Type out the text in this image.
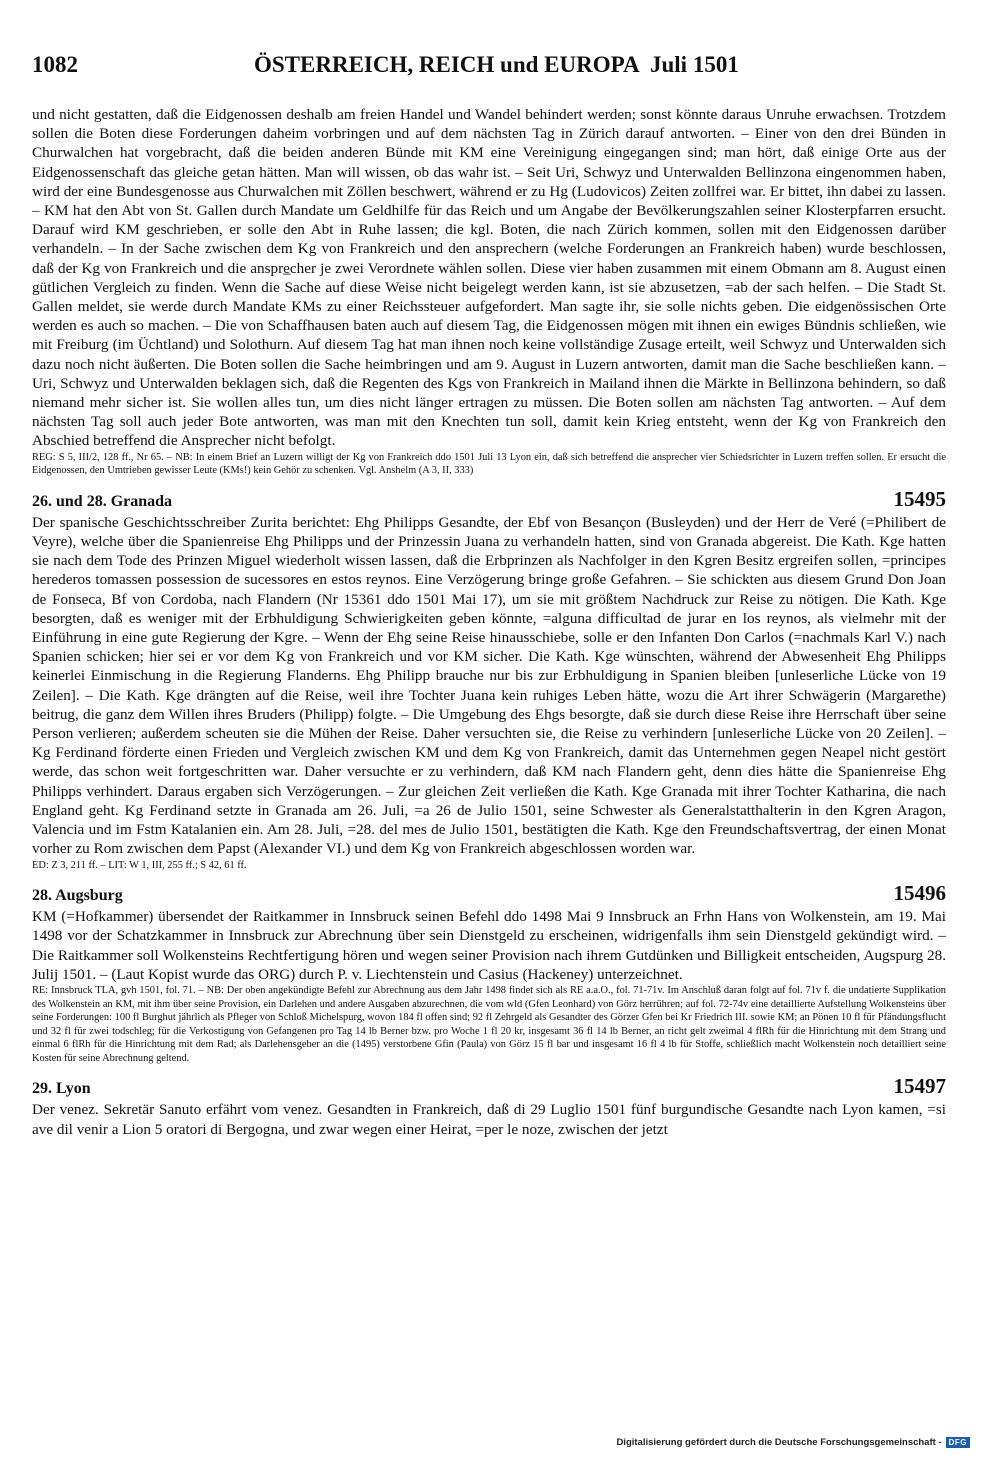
1082	ÖSTERREICH, REICH und EUROPA Juli 1501

und nicht gestatten, daß die Eidgenossen deshalb am freien Handel und Wandel behindert werden; sonst könnte daraus Unruhe erwachsen. Trotzdem sollen die Boten diese Forderungen daheim vorbringen und auf dem nächsten Tag in Zürich darauf antworten. – Einer von den drei Bünden in Churwalchen hat vorgebracht, daß die beiden anderen Bünde mit KM eine Vereinigung eingegangen sind; man hört, daß einige Orte aus der Eidgenossenschaft das gleiche getan hätten. Man will wissen, ob das wahr ist. – Seit Uri, Schwyz und Unterwalden Bellinzona eingenommen haben, wird der eine Bundesgenosse aus Churwalchen mit Zöllen beschwert, während er zu Hg (Ludovicos) Zeiten zollfrei war. Er bittet, ihn dabei zu lassen. – KM hat den Abt von St. Gallen durch Mandate um Geldhilfe für das Reich und um Angabe der Bevölkerungszahlen seiner Klosterpfarren ersucht. Darauf wird KM geschrieben, er solle den Abt in Ruhe lassen; die kgl. Boten, die nach Zürich kommen, sollen mit den Eidgenossen darüber verhandeln. – In der Sache zwischen dem Kg von Frankreich und den ansprechern (welche Forderungen an Frankreich haben) wurde beschlossen, daß der Kg von Frankreich und die anspre̲cher je zwei Verordnete wählen sollen. Diese vier haben zusammen mit einem Obmann am 8. August einen gütlichen Vergleich zu finden. Wenn die Sache auf diese Weise nicht beigelegt werden kann, ist sie abzusetzen, =ab der sach helfen. – Die Stadt St. Gallen meldet, sie werde durch Mandate KMs zu einer Reichssteuer aufgefordert. Man sagte ihr, sie solle nichts geben. Die eidgenössischen Orte werden es auch so machen. – Die von Schaffhausen baten auch auf diesem Tag, die Eidgenossen mögen mit ihnen ein ewiges Bündnis schließen, wie mit Freiburg (im Üchtland) und Solothurn. Auf diesem Tag hat man ihnen noch keine vollständige Zusage erteilt, weil Schwyz und Unterwalden sich dazu noch nicht äußerten. Die Boten sollen die Sache heimbringen und am 9. August in Luzern antworten, damit man die Sache beschließen kann. – Uri, Schwyz und Unterwalden beklagen sich, daß die Regenten des Kgs von Frankreich in Mailand ihnen die Märkte in Bellinzona behindern, so daß niemand mehr sicher ist. Sie wollen alles tun, um dies nicht länger ertragen zu müssen. Die Boten sollen am nächsten Tag antworten. – Auf dem nächsten Tag soll auch jeder Bote antworten, was man mit den Knechten tun soll, damit kein Krieg entsteht, wenn der Kg von Frankreich den Abschied betreffend die Ansprecher nicht befolgt.

REG: S 5, III/2, 128 ff., Nr 65. – NB: In einem Brief an Luzern willigt der Kg von Frankreich ddo 1501 Juli 13 Lyon ein, daß sich betreffend die ansprecher vier Schiedsrichter in Luzern treffen sollen. Er ersucht die Eidgenossen, den Umtrieben gewisser Leute (KMs!) kein Gehör zu schenken. Vgl. Anshelm (A 3, II, 333)

26. und 28. Granada	15495

Der spanische Geschichtsschreiber Zurita berichtet: Ehg Philipps Gesandte, der Ebf von Besançon (Busleyden) und der Herr de Veré (=Philibert de Veyre), welche über die Spanienreise Ehg Philipps und der Prinzessin Juana zu verhandeln hatten, sind von Granada abgereist. Die Kath. Kge hatten sie nach dem Tode des Prinzen Miguel wiederholt wissen lassen, daß die Erbprinzen als Nachfolger in den Kgren Besitz ergreifen sollen, =principes herederos tomassen possession de sucessores en estos reynos. Eine Verzögerung bringe große Gefahren. – Sie schickten aus diesem Grund Don Joan de Fonseca, Bf von Cordoba, nach Flandern (Nr 15361 ddo 1501 Mai 17), um sie mit größtem Nachdruck zur Reise zu nötigen. Die Kath. Kge besorgten, daß es weniger mit der Erbhuldigung Schwierigkeiten geben könnte, =alguna difficultad de jurar en los reynos, als vielmehr mit der Einführung in eine gute Regierung der Kgre. – Wenn der Ehg seine Reise hinausschiebe, solle er den Infanten Don Carlos (=nachmals Karl V.) nach Spanien schicken; hier sei er vor dem Kg von Frankreich und vor KM sicher. Die Kath. Kge wünschten, während der Abwesenheit Ehg Philipps keinerlei Einmischung in die Regierung Flanderns. Ehg Philipp brauche nur bis zur Erbhuldigung in Spanien bleiben [unleserliche Lücke von 19 Zeilen]. – Die Kath. Kge drängten auf die Reise, weil ihre Tochter Juana kein ruhiges Leben hätte, wozu die Art ihrer Schwägerin (Margarethe) beitrug, die ganz dem Willen ihres Bruders (Philipp) folgte. – Die Umgebung des Ehgs besorgte, daß sie durch diese Reise ihre Herrschaft über seine Person verlieren; außerdem scheuten sie die Mühen der Reise. Daher versuchten sie, die Reise zu verhindern [unleserliche Lücke von 20 Zeilen]. – Kg Ferdinand förderte einen Frieden und Vergleich zwischen KM und dem Kg von Frankreich, damit das Unternehmen gegen Neapel nicht gestört werde, das schon weit fortgeschritten war. Daher versuchte er zu verhindern, daß KM nach Flandern geht, denn dies hätte die Spanienreise Ehg Philipps verhindert. Daraus ergaben sich Verzögerungen. – Zur gleichen Zeit verließen die Kath. Kge Granada mit ihrer Tochter Katharina, die nach England geht. Kg Ferdinand setzte in Granada am 26. Juli, =a 26 de Julio 1501, seine Schwester als Generalstatthalterin in den Kgren Aragon, Valencia und im Fstm Katalanien ein. Am 28. Juli, =28. del mes de Julio 1501, bestätigten die Kath. Kge den Freundschaftsvertrag, der einen Monat vorher zu Rom zwischen dem Papst (Alexander VI.) und dem Kg von Frankreich abgeschlossen worden war.

ED: Z 3, 211 ff. – LIT: W 1, III, 255 ff.; S 42, 61 ff.

28. Augsburg	15496

KM (=Hofkammer) übersendet der Raitkammer in Innsbruck seinen Befehl ddo 1498 Mai 9 Innsbruck an Frhn Hans von Wolkenstein, am 19. Mai 1498 vor der Schatzkammer in Innsbruck zur Abrechnung über sein Dienstgeld zu erscheinen, widrigenfalls ihm sein Dienstgeld gekündigt wird. – Die Raitkammer soll Wolkensteins Rechtfertigung hören und wegen seiner Provision nach ihrem Gutdünken und Billigkeit entscheiden, Augspurg 28. Julij 1501. – (Laut Kopist wurde das ORG) durch P. v. Liechtenstein und Casius (Hackeney) unterzeichnet.

RE: Innsbruck TLA, gvh 1501, fol. 71. – NB: Der oben angekündigte Befehl zur Abrechnung aus dem Jahr 1498 findet sich als RE a.a.O., fol. 71-71v. Im Anschluß daran folgt auf fol. 71v f. die undatierte Supplikation des Wolkenstein an KM, mit ihm über seine Provision, ein Darlehen und andere Ausgaben abzurechnen, die vom wld (Gfen Leonhard) von Görz herrühren; auf fol. 72-74v eine detaillierte Aufstellung Wolkensteins über seine Forderungen: 100 fl Burghut jährlich als Pfleger von Schloß Michelspurg, wovon 184 fl offen sind; 92 fl Zehrgeld als Gesandter des Görzer Gfen bei Kr Friedrich III. sowie KM; an Pönen 10 fl für Pfändungsflucht und 32 fl für zwei todschleg; für die Verkostigung von Gefangenen pro Tag 14 lb Berner bzw. pro Woche 1 fl 20 kr, insgesamt 36 fl 14 lb Berner, an richt gelt zweimal 4 flRh für die Hinrichtung mit dem Strang und einmal 6 flRh für die Hinrichtung mit dem Rad; als Darlehensgeber an die (1495) verstorbene Gfin (Paula) von Görz 15 fl bar und insgesamt 16 fl 4 lb für Stoffe, schließlich macht Wolkenstein noch detailliert seine Kosten für seine Abrechnung geltend.

29. Lyon	15497

Der venez. Sekretär Sanuto erfährt vom venez. Gesandten in Frankreich, daß di 29 Luglio 1501 fünf burgundische Gesandte nach Lyon kamen, =si ave dil venir a Lion 5 oratori di Bergogna, und zwar wegen einer Heirat, =per le noze, zwischen der jetzt

Digitalisierung gefördert durch die Deutsche Forschungsgemeinschaft - DFG
